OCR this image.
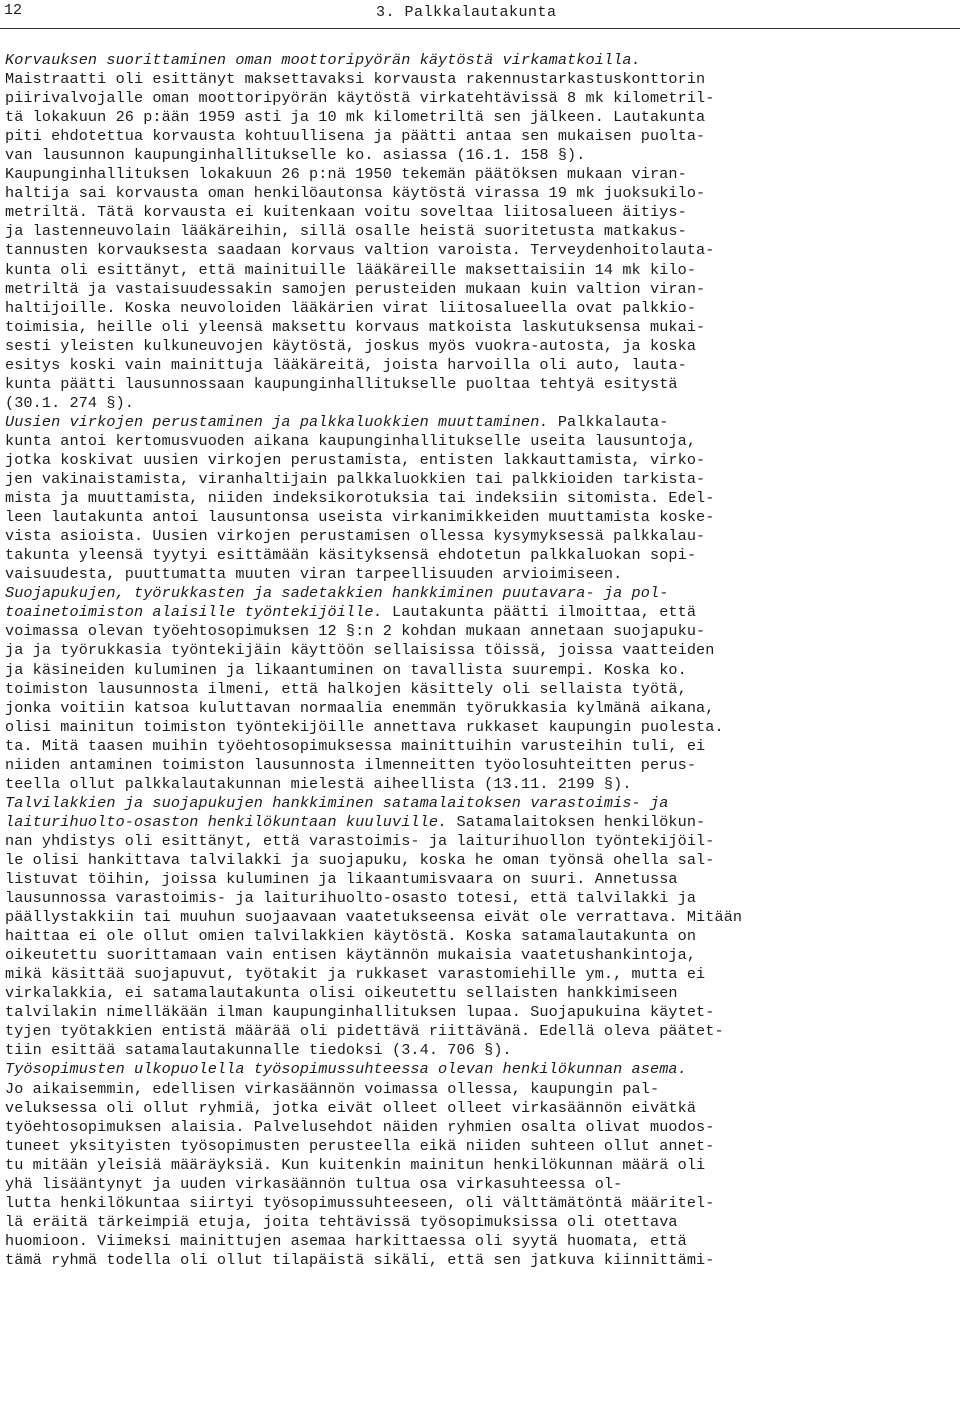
12	3. Palkkalautakunta
Korvauksen suorittaminen oman moottoripyörän käytöstä virkamatkoilla.
Maistraatti oli esittänyt maksettavaksi korvausta rakennustarkastuskonttorin
piirivalvojalle oman moottoripyörän käytöstä virkatehtävissä 8 mk kilometril-
tä lokakuun 26 p:ään 1959 asti ja 10 mk kilometriltä sen jälkeen. Lautakunta
piti ehdotettua korvausta kohtuullisena ja päätti antaa sen mukaisen puolta-
van lausunnon kaupunginhallitukselle ko. asiassa (16.1. 158 §).
Kaupunginhallituksen lokakuun 26 p:nä 1950 tekemän päätöksen mukaan viran-
haltija sai korvausta oman henkilöautonsa käytöstä virassa 19 mk juoksukilo-
metriltä. Tätä korvausta ei kuitenkaan voitu soveltaa liitosalueen äitiys-
ja lastenneuvolain lääkäreihin, sillä osalle heistä suoritetusta matkakus-
tannusten korvauksesta saadaan korvaus valtion varoista. Terveydenhoitolauta-
kunta oli esittänyt, että mainituille lääkäreille maksettaisiin 14 mk kilo-
metriltä ja vastaisuudessakin samojen perusteiden mukaan kuin valtion viran-
haltijoille. Koska neuvoloiden lääkärien virat liitosalueella ovat palkkio-
toimisia, heille oli yleensä maksettu korvaus matkoista laskutuksensa mukai-
sesti yleisten kulkuneuvojen käytöstä, joskus myös vuokra-autosta, ja koska
esitys koski vain mainittuja lääkäreitä, joista harvoilla oli auto, lauta-
kunta päätti lausunnossaan kaupunginhallitukselle puoltaa tehtyä esitystä
(30.1. 274 §).
Uusien virkojen perustaminen ja palkkaluokkien muuttaminen. Palkkalauta-
kunta antoi kertomusvuoden aikana kaupunginhallitukselle useita lausuntoja,
jotka koskivat uusien virkojen perustamista, entisten lakkauttamista, virko-
jen vakinaistamista, viranhaltijain palkkaluokkien tai palkkioiden tarkista-
mista ja muuttamista, niiden indeksikorotuksia tai indeksiin sitomista. Edel-
leen lautakunta antoi lausuntonsa useista virkanimikkeiden muuttamista koske-
vista asioista. Uusien virkojen perustamisen ollessa kysymyksessä palkkalau-
takunta yleensä tyytyi esittämään käsityksensä ehdotetun palkkaluokan sopi-
vaisuudesta, puuttumatta muuten viran tarpeellisuuden arvioimiseen.
Suojapukujen, työrukkasten ja sadetakkien hankkiminen puutavara- ja pol-
toainetoimiston alaisille työntekijöille. Lautakunta päätti ilmoittaa, että
voimassa olevan työehtosopimuksen 12 §:n 2 kohdan mukaan annetaan suojapuku-
ja ja työrukkasia työntekijäin käyttöön sellaisissa töissä, joissa vaatteiden
ja käsineiden kuluminen ja likaantuminen on tavallista suurempi. Koska ko.
toimiston lausunnosta ilmeni, että halkojen käsittely oli sellaista työtä,
jonka voitiin katsoa kuluttavan normaalia enemmän työrukkasia kylmänä aikana,
olisi mainitun toimiston työntekijöille annettava rukkaset kaupungin puolesta.
ta. Mitä taasen muihin työehtosopimuksessa mainittuihin varusteihin tuli, ei
niiden antaminen toimiston lausunnosta ilmenneitten työolosuhteitten perus-
teella ollut palkkalautakunnan mielestä aiheellista (13.11. 2199 §).
Talvilakkien ja suojapukujen hankkiminen satamalaitoksen varastoimis- ja
laiturihuolto-osaston henkilökuntaan kuuluville. Satamalaitoksen henkilökun-
nan yhdistys oli esittänyt, että varastoimis- ja laiturihuollon työntekijöil-
le olisi hankittava talvilakki ja suojapuku, koska he oman työnsä ohella sal-
listuvat töihin, joissa kuluminen ja likaantumisvaara on suuri. Annetussa
lausunnossa varastoimis- ja laiturihuolto-osasto totesi, että talvilakki ja
päällystakkiin tai muuhun suojaavaan vaatetukseensa eivät ole verrattava. Mitään
haittaa ei ole ollut omien talvilakkien käytöstä. Koska satamalautakunta on
oikeutettu suorittamaan vain entisen käytännön mukaisia vaatetushankintoja,
mikä käsittää suojapuvut, työtakit ja rukkaset varastomiehille ym., mutta ei
virkalakkia, ei satamalautakunta olisi oikeutettu sellaisten hankkimiseen
talvilakin nimelläkään ilman kaupunginhallituksen lupaa. Suojapukuina käytet-
tyjen työtakkien entistä määrää oli pidettävä riittävänä. Edellä oleva päätet-
tiin esittää satamalautakunnalle tiedoksi (3.4. 706 §).
Työsopimusten ulkopuolella työsopimussuhteessa olevan henkilökunnan asema.
Jo aikaisemmin, edellisen virkasäännön voimassa ollessa, kaupungin pal-
veluksessa oli ollut ryhmiä, jotka eivät olleet olleet virkasäännön eivätkä
työehtosopimuksen alaisia. Palvelusehdot näiden ryhmien osalta olivat muodos-
tuneet yksityisten työsopimusten perusteella eikä niiden suhteen ollut annet-
tu mitään yleisiä määräyksiä. Kun kuitenkin mainitun henkilökunnan määrä oli
yhä lisääntynyt ja uuden virkasäännön tultua osa virkasuhteessa ol-
lutta henkilökuntaa siirtyi työsopimussuhteeseen, oli välttämätöntä määritel-
lä eräitä tärkeimpiä etuja, joita tehtävissä työsopimuksissa oli otettava
huomioon. Viimeksi mainittujen asemaa harkittaessa oli syytä huomata, että
tämä ryhmä todella oli ollut tilapäistä sikäli, että sen jatkuva kiinnittämi-
